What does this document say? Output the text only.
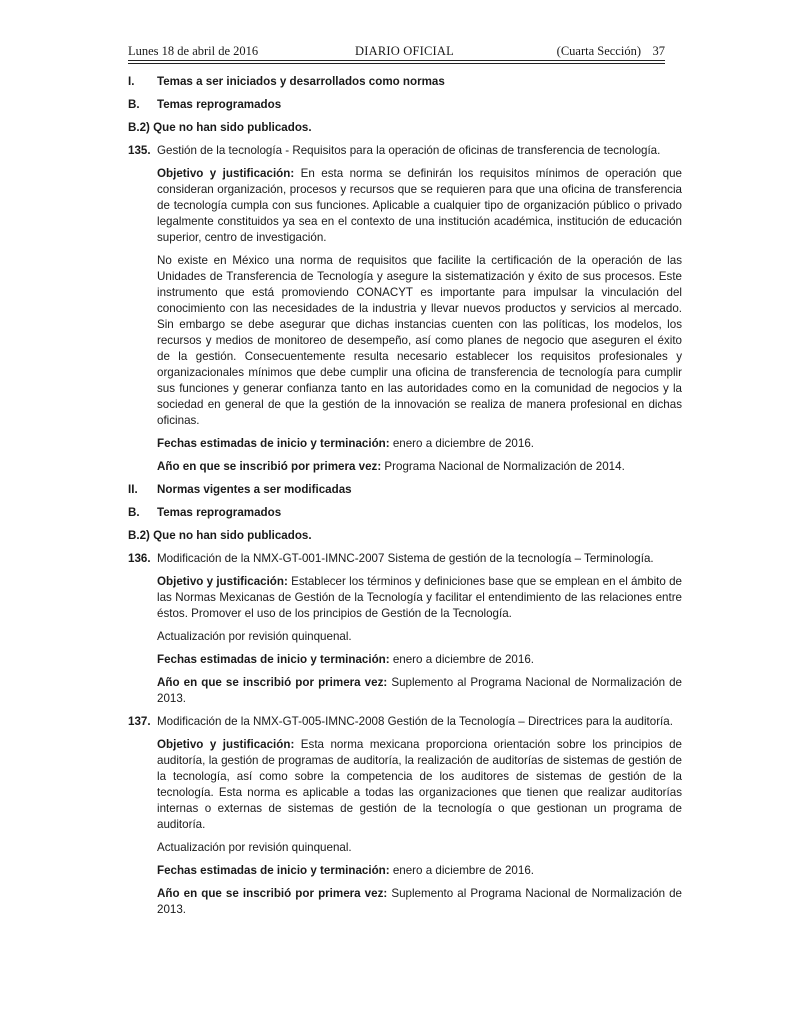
Lunes 18 de abril de 2016	DIARIO OFICIAL	(Cuarta Sección) 37
I. Temas a ser iniciados y desarrollados como normas
B. Temas reprogramados
B.2) Que no han sido publicados.
135. Gestión de la tecnología - Requisitos para la operación de oficinas de transferencia de tecnología.

Objetivo y justificación: En esta norma se definirán los requisitos mínimos de operación que consideran organización, procesos y recursos que se requieren para que una oficina de transferencia de tecnología cumpla con sus funciones. Aplicable a cualquier tipo de organización público o privado legalmente constituidos ya sea en el contexto de una institución académica, institución de educación superior, centro de investigación.

No existe en México una norma de requisitos que facilite la certificación de la operación de las Unidades de Transferencia de Tecnología y asegure la sistematización y éxito de sus procesos. Este instrumento que está promoviendo CONACYT es importante para impulsar la vinculación del conocimiento con las necesidades de la industria y llevar nuevos productos y servicios al mercado. Sin embargo se debe asegurar que dichas instancias cuenten con las políticas, los modelos, los recursos y medios de monitoreo de desempeño, así como planes de negocio que aseguren el éxito de la gestión. Consecuentemente resulta necesario establecer los requisitos profesionales y organizacionales mínimos que debe cumplir una oficina de transferencia de tecnología para cumplir sus funciones y generar confianza tanto en las autoridades como en la comunidad de negocios y la sociedad en general de que la gestión de la innovación se realiza de manera profesional en dichas oficinas.

Fechas estimadas de inicio y terminación: enero a diciembre de 2016.

Año en que se inscribió por primera vez: Programa Nacional de Normalización de 2014.

II. Normas vigentes a ser modificadas
B. Temas reprogramados
B.2) Que no han sido publicados.
136. Modificación de la NMX-GT-001-IMNC-2007 Sistema de gestión de la tecnología – Terminología.

Objetivo y justificación: Establecer los términos y definiciones base que se emplean en el ámbito de las Normas Mexicanas de Gestión de la Tecnología y facilitar el entendimiento de las relaciones entre éstos. Promover el uso de los principios de Gestión de la Tecnología.

Actualización por revisión quinquenal.

Fechas estimadas de inicio y terminación: enero a diciembre de 2016.

Año en que se inscribió por primera vez: Suplemento al Programa Nacional de Normalización de 2013.

137. Modificación de la NMX-GT-005-IMNC-2008 Gestión de la Tecnología – Directrices para la auditoría.

Objetivo y justificación: Esta norma mexicana proporciona orientación sobre los principios de auditoría, la gestión de programas de auditoría, la realización de auditorías de sistemas de gestión de la tecnología, así como sobre la competencia de los auditores de sistemas de gestión de la tecnología. Esta norma es aplicable a todas las organizaciones que tienen que realizar auditorías internas o externas de sistemas de gestión de la tecnología o que gestionan un programa de auditoría.

Actualización por revisión quinquenal.

Fechas estimadas de inicio y terminación: enero a diciembre de 2016.

Año en que se inscribió por primera vez: Suplemento al Programa Nacional de Normalización de 2013.
